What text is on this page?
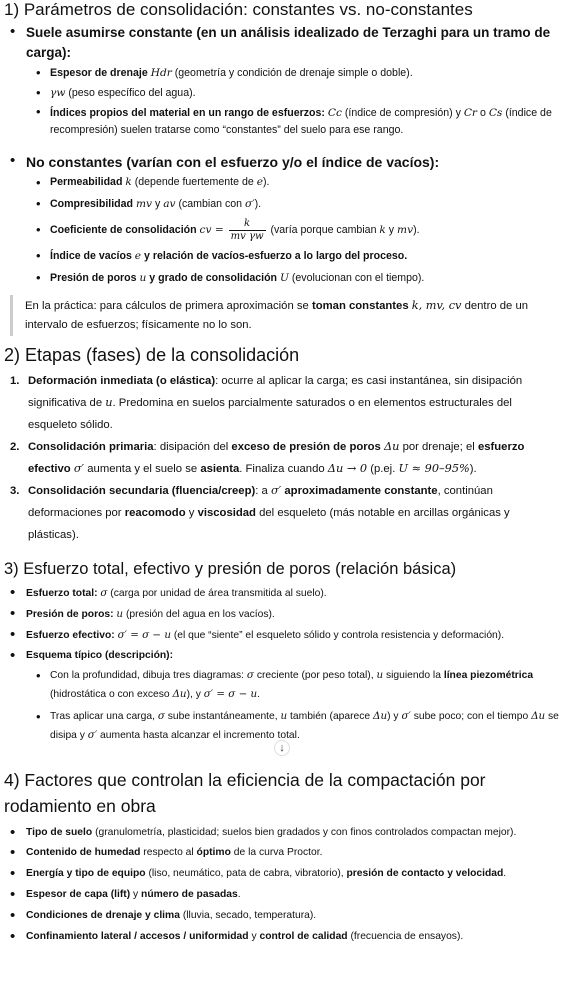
1) Parámetros de consolidación: constantes vs. no-constantes
• Suele asumirse constante (en un análisis idealizado de Terzaghi para un tramo de carga):
• Espesor de drenaje Hdr (geometría y condición de drenaje simple o doble).
• γw (peso específico del agua).
• Índices propios del material en un rango de esfuerzos: Cc (índice de compresión) y Cr o Cs (índice de recompresión) suelen tratarse como “constantes” del suelo para ese rango.
• No constantes (varían con el esfuerzo y/o el índice de vacíos):
• Permeabilidad k (depende fuertemente de e).
• Compresibilidad mv y av (cambian con σ′).
• Coeficiente de consolidación cv = $\frac{k}{\text{mv γw}}$ (varía porque cambian k y mv).
• Índice de vacíos e y relación de vacíos-esfuerzo a lo largo del proceso.
• Presión de poros u y grado de consolidación U (evolucionan con el tiempo).
En la práctica: para cálculos de primera aproximación se toman constantes k, mv, cv dentro de un intervalo de esfuerzos; físicamente no lo son.
2) Etapas (fases) de la consolidación
1. Deformación inmediata (o elástica): ocurre al aplicar la carga; es casi instantánea, sin disipación significativa de u. Predomina en suelos parcialmente saturados o en elementos estructurales del esqueleto sólido.
2. Consolidación primaria: disipación del exceso de presión de poros Δu por drenaje; el esfuerzo efectivo σ′ aumenta y el suelo se asienta. Finaliza cuando Δu → 0 (p.ej. U ≈ 90–95%).
3. Consolidación secundaria (fluencia/creep): a σ′ aproximadamente constante, continúan deformaciones por reacomodo y viscosidad del esqueleto (más notable en arcillas orgánicas y plásticas).
3) Esfuerzo total, efectivo y presión de poros (relación básica)
• Esfuerzo total: σ (carga por unidad de área transmitida al suelo).
• Presión de poros: u (presión del agua en los vacíos).
• Esfuerzo efectivo: σ′ = σ − u (el que “siente” el esqueleto sólido y controla resistencia y deformación).
• Esquema típico (descripción):
• Con la profundidad, dibuja tres diagramas: σ creciente (por peso total), u siguiendo la línea piezométrica (hidrostática o con exceso Δu), y σ′ = σ − u.
• Tras aplicar una carga, σ sube instantáneamente, u también (aparece Δu) y σ′ sube poco; con el tiempo Δu se disipa y σ′ aumenta hasta alcanzar el incremento total.
4) Factores que controlan la eficiencia de la compactación por rodamiento en obra
• Tipo de suelo (granulometría, plasticidad; suelos bien gradados y con finos controlados compactan mejor).
• Contenido de humedad respecto al óptimo de la curva Proctor.
• Energía y tipo de equipo (liso, neumático, pata de cabra, vibratorio), presión de contacto y velocidad.
• Espesor de capa (lift) y número de pasadas.
• Condiciones de drenaje y clima (lluvia, secado, temperatura).
• Confinamiento lateral / accesos / uniformidad y control de calidad (frecuencia de ensayos).
↓
